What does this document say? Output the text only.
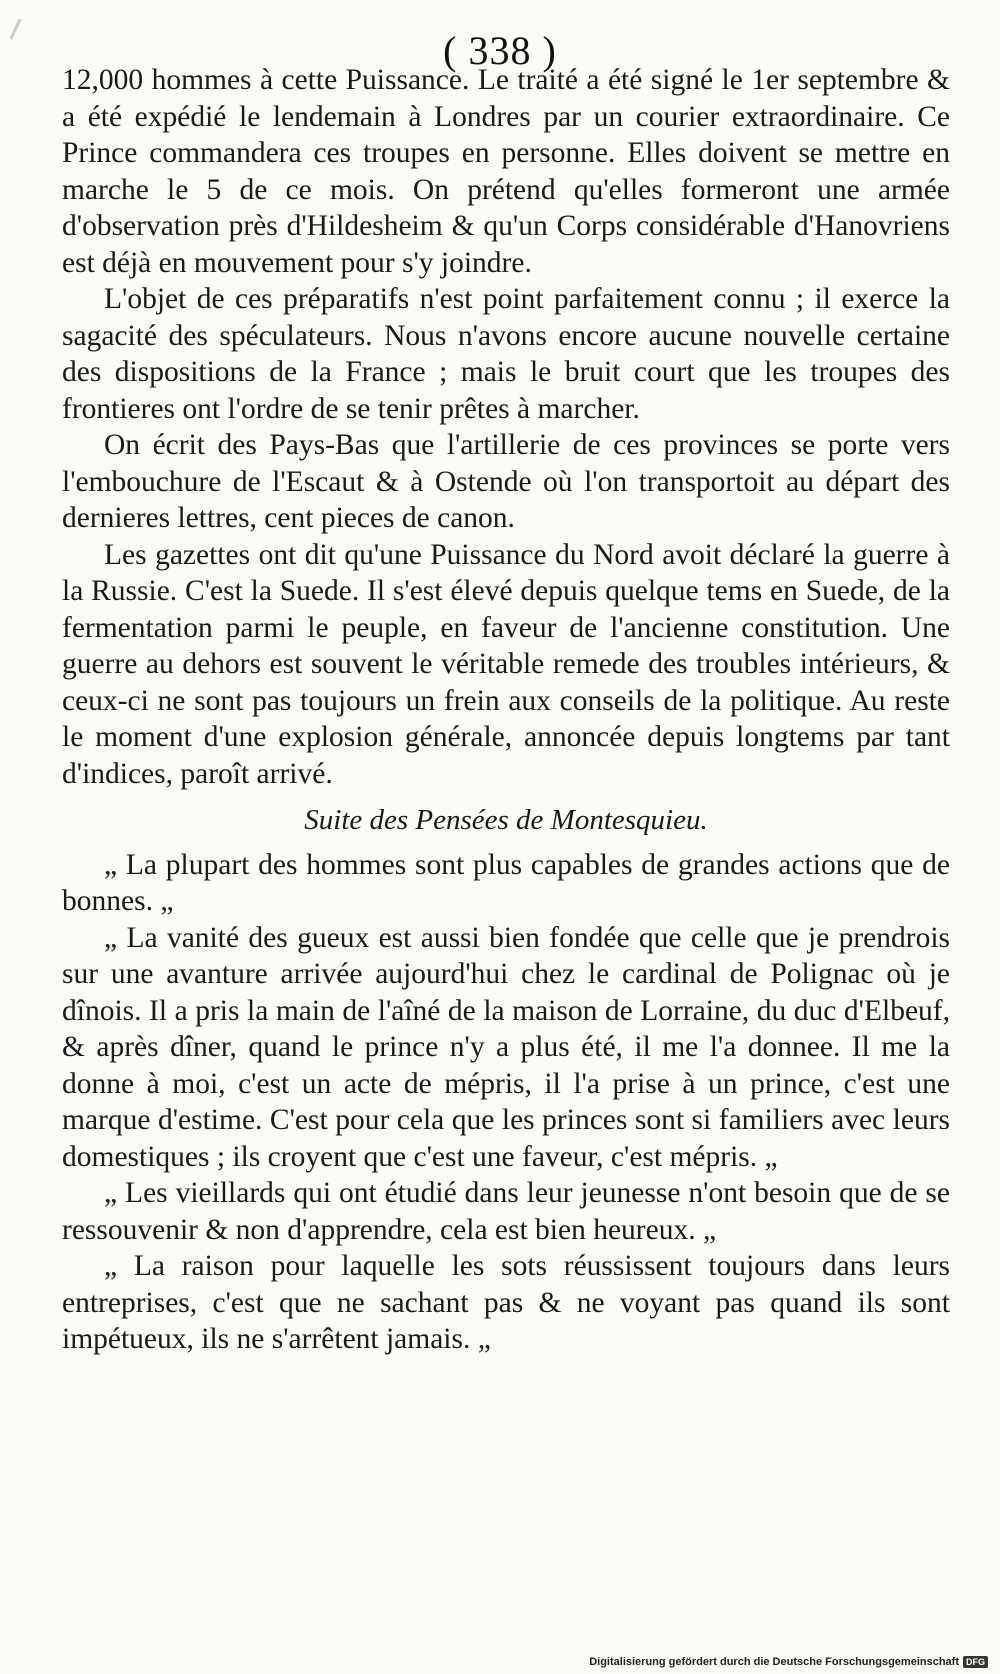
( 338 )

12,000 hommes à cette Puissance. Le traité a été signé le 1er septembre & a été expédié le lendemain à Londres par un courier extraordinaire. Ce Prince commandera ces troupes en personne. Elles doivent se mettre en marche le 5 de ce mois. On prétend qu'elles formeront une armée d'observation près d'Hildesheim & qu'un Corps considérable d'Hanovriens est déjà en mouvement pour s'y joindre.

L'objet de ces préparatifs n'est point parfaitement connu ; il exerce la sagacité des spéculateurs. Nous n'avons encore aucune nouvelle certaine des dispositions de la France ; mais le bruit court que les troupes des frontieres ont l'ordre de se tenir prêtes à marcher.

On écrit des Pays-Bas que l'artillerie de ces provinces se porte vers l'embouchure de l'Escaut & à Ostende où l'on transportoit au départ des dernieres lettres, cent pieces de canon.

Les gazettes ont dit qu'une Puissance du Nord avoit déclaré la guerre à la Russie. C'est la Suede. Il s'est élevé depuis quelque tems en Suede, de la fermentation parmi le peuple, en faveur de l'ancienne constitution. Une guerre au dehors est souvent le véritable remede des troubles intérieurs, & ceux-ci ne sont pas toujours un frein aux conseils de la politique. Au reste le moment d'une explosion générale, annoncée depuis longtems par tant d'indices, paroît arrivé.

Suite des Pensées de Montesquieu.

„ La plupart des hommes sont plus capables de grandes actions que de bonnes. „

„ La vanité des gueux est aussi bien fondée que celle que je prendrois sur une avanture arrivée aujourd'hui chez le cardinal de Polignac où je dînois. Il a pris la main de l'aîné de la maison de Lorraine, du duc d'Elbeuf, & après dîner, quand le prince n'y a plus été, il me l'a donnee. Il me la donne à moi, c'est un acte de mépris, il l'a prise à un prince, c'est une marque d'estime. C'est pour cela que les princes sont si familiers avec leurs domestiques ; ils croyent que c'est une faveur, c'est mépris. „

„ Les vieillards qui ont étudié dans leur jeunesse n'ont besoin que de se ressouvenir & non d'apprendre, cela est bien heureux. „

„ La raison pour laquelle les sots réussissent toujours dans leurs entreprises, c'est que ne sachant pas & ne voyant pas quand ils sont impétueux, ils ne s'arrêtent jamais. „

Digitalisierung gefördert durch die Deutsche Forschungsgemeinschaft DFG
